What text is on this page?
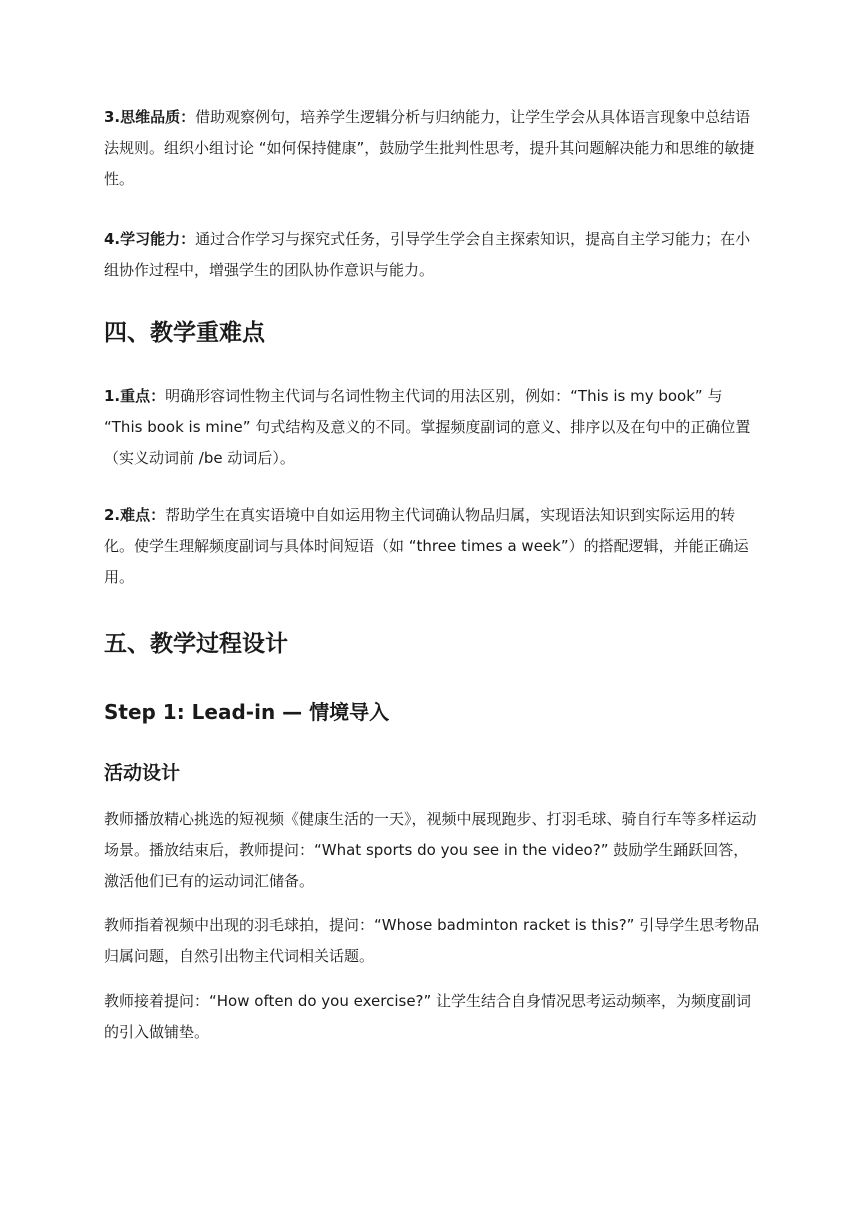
3.思维品质：借助观察例句，培养学生逻辑分析与归纳能力，让学生学会从具体语言现象中总结语法规则。组织小组讨论 “如何保持健康”，鼓励学生批判性思考，提升其问题解决能力和思维的敏捷性。

4.学习能力：通过合作学习与探究式任务，引导学生学会自主探索知识，提高自主学习能力；在小组协作过程中，增强学生的团队协作意识与能力。

四、教学重难点

1.重点：明确形容词性物主代词与名词性物主代词的用法区别，例如：“This is my book” 与 “This book is mine” 句式结构及意义的不同。掌握频度副词的意义、排序以及在句中的正确位置（实义动词前 /be 动词后）。

2.难点：帮助学生在真实语境中自如运用物主代词确认物品归属，实现语法知识到实际运用的转化。使学生理解频度副词与具体时间短语（如 “three times a week”）的搭配逻辑，并能正确运用。

五、教学过程设计
Step 1: Lead-in — 情境导入
活动设计

教师播放精心挑选的短视频《健康生活的一天》，视频中展现跑步、打羽毛球、骑自行车等多样运动场景。播放结束后，教师提问：“What sports do you see in the video?” 鼓励学生踊跃回答，激活他们已有的运动词汇储备。

教师指着视频中出现的羽毛球拍，提问：“Whose badminton racket is this?” 引导学生思考物品归属问题，自然引出物主代词相关话题。

教师接着提问：“How often do you exercise?” 让学生结合自身情况思考运动频率，为频度副词的引入做铺垫。
